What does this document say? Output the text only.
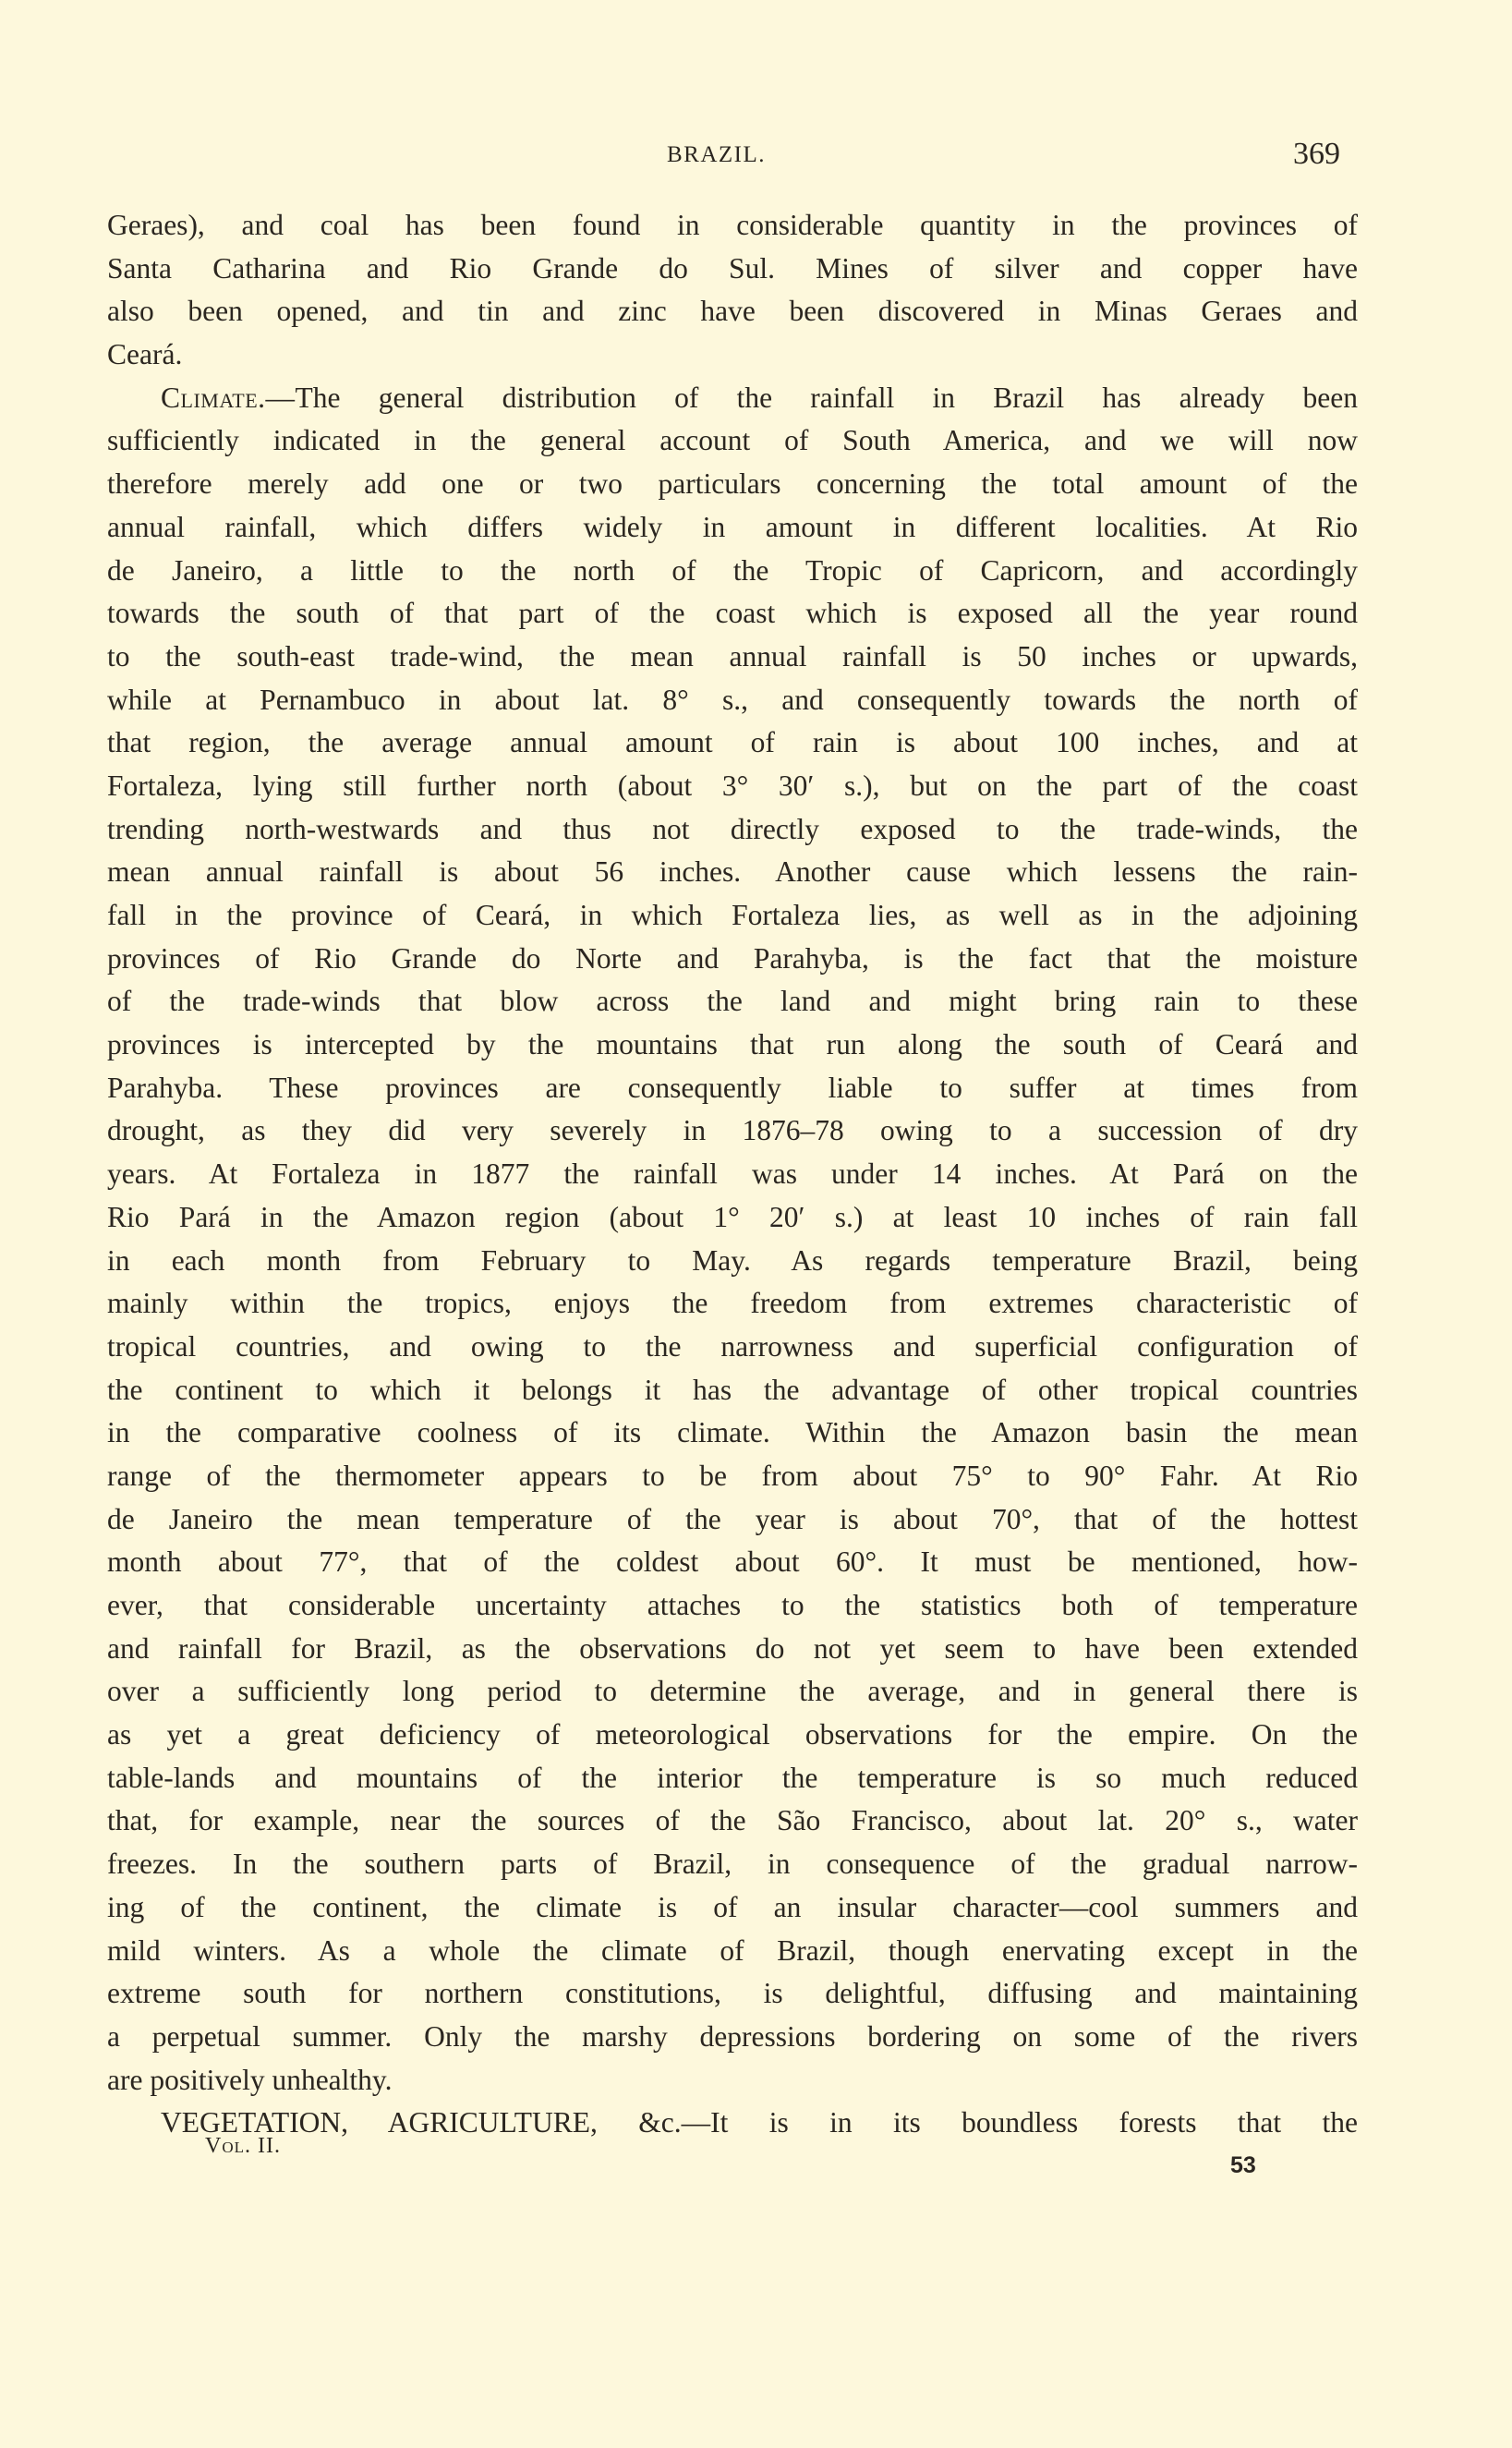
BRAZIL.	369
Geraes), and coal has been found in considerable quantity in the provinces of
Santa Catharina and Rio Grande do Sul. Mines of silver and copper have
also been opened, and tin and zinc have been discovered in Minas Geraes and
Ceará.
Climate.—The general distribution of the rainfall in Brazil has already been
sufficiently indicated in the general account of South America, and we will now
therefore merely add one or two particulars concerning the total amount of the
annual rainfall, which differs widely in amount in different localities. At Rio
de Janeiro, a little to the north of the Tropic of Capricorn, and accordingly
towards the south of that part of the coast which is exposed all the year round
to the south-east trade-wind, the mean annual rainfall is 50 inches or upwards,
while at Pernambuco in about lat. 8° s., and consequently towards the north of
that region, the average annual amount of rain is about 100 inches, and at
Fortaleza, lying still further north (about 3° 30′ s.), but on the part of the coast
trending north-westwards and thus not directly exposed to the trade-winds, the
mean annual rainfall is about 56 inches. Another cause which lessens the rain-
fall in the province of Ceará, in which Fortaleza lies, as well as in the adjoining
provinces of Rio Grande do Norte and Parahyba, is the fact that the moisture
of the trade-winds that blow across the land and might bring rain to these
provinces is intercepted by the mountains that run along the south of Ceará and
Parahyba. These provinces are consequently liable to suffer at times from
drought, as they did very severely in 1876–78 owing to a succession of dry
years. At Fortaleza in 1877 the rainfall was under 14 inches. At Pará on the
Rio Pará in the Amazon region (about 1° 20′ s.) at least 10 inches of rain fall
in each month from February to May. As regards temperature Brazil, being
mainly within the tropics, enjoys the freedom from extremes characteristic of
tropical countries, and owing to the narrowness and superficial configuration of
the continent to which it belongs it has the advantage of other tropical countries
in the comparative coolness of its climate. Within the Amazon basin the mean
range of the thermometer appears to be from about 75° to 90° Fahr. At Rio
de Janeiro the mean temperature of the year is about 70°, that of the hottest
month about 77°, that of the coldest about 60°. It must be mentioned, how-
ever, that considerable uncertainty attaches to the statistics both of temperature
and rainfall for Brazil, as the observations do not yet seem to have been extended
over a sufficiently long period to determine the average, and in general there is
as yet a great deficiency of meteorological observations for the empire. On the
table-lands and mountains of the interior the temperature is so much reduced
that, for example, near the sources of the São Francisco, about lat. 20° s., water
freezes. In the southern parts of Brazil, in consequence of the gradual narrow-
ing of the continent, the climate is of an insular character—cool summers and
mild winters. As a whole the climate of Brazil, though enervating except in the
extreme south for northern constitutions, is delightful, diffusing and maintaining
a perpetual summer. Only the marshy depressions bordering on some of the rivers
are positively unhealthy.
VEGETATION, AGRICULTURE, &c.—It is in its boundless forests that the
Vol. II.
53
